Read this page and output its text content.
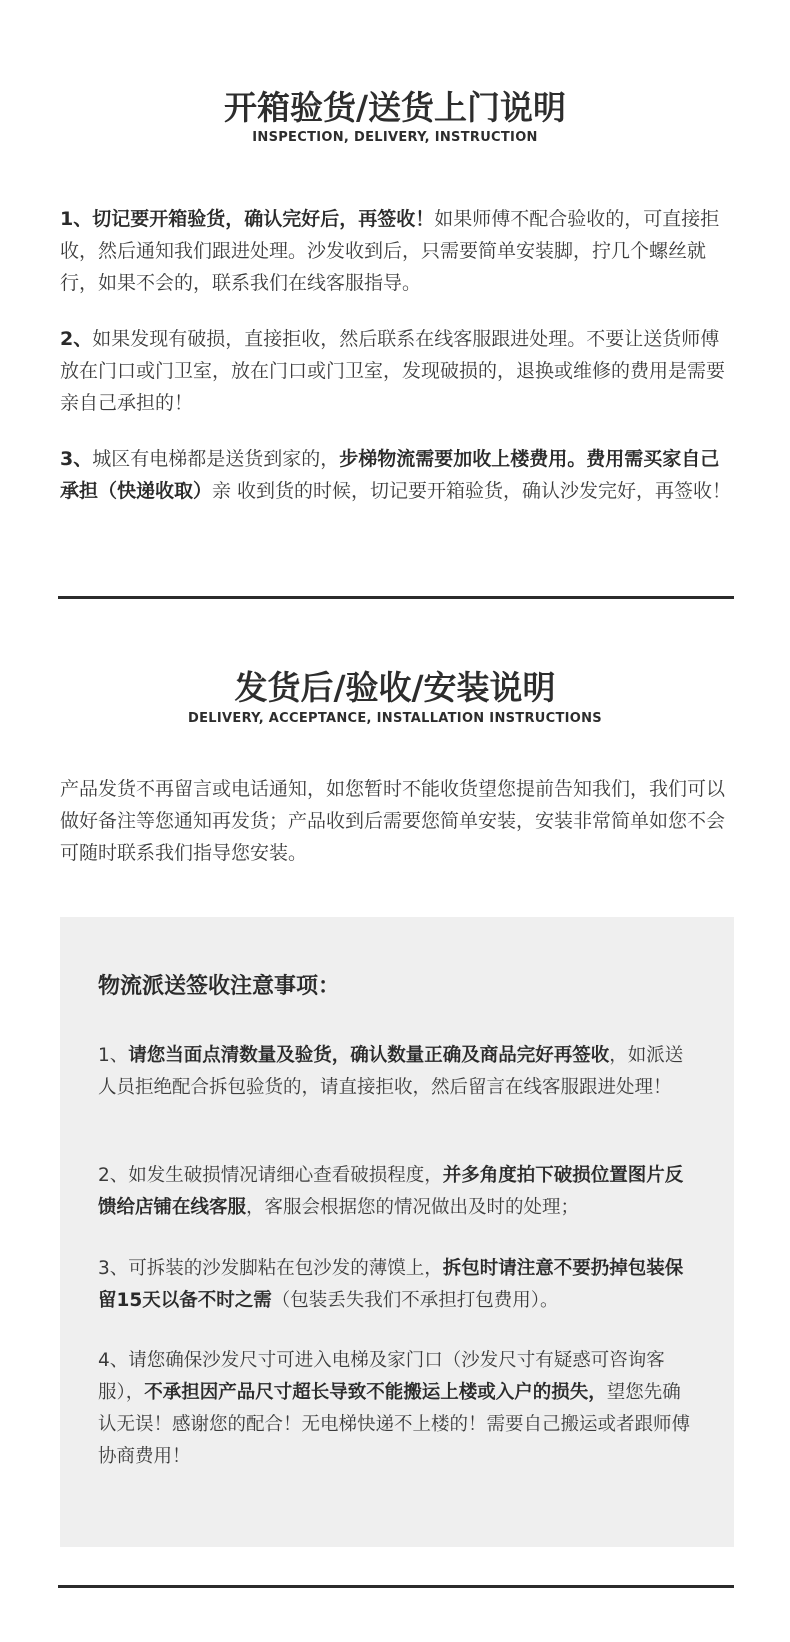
开箱验货/送货上门说明
INSPECTION, DELIVERY, INSTRUCTION
1、切记要开箱验货，确认完好后，再签收！如果师傅不配合验收的，可直接拒收，然后通知我们跟进处理。沙发收到后，只需要简单安装脚，拧几个螺丝就行，如果不会的，联系我们在线客服指导。
2、如果发现有破损，直接拒收，然后联系在线客服跟进处理。不要让送货师傅放在门口或门卫室，放在门口或门卫室，发现破损的，退换或维修的费用是需要亲自己承担的！
3、城区有电梯都是送货到家的，步梯物流需要加收上楼费用。费用需买家自己承担（快递收取）亲 收到货的时候，切记要开箱验货，确认沙发完好，再签收！
发货后/验收/安装说明
DELIVERY, ACCEPTANCE, INSTALLATION INSTRUCTIONS
产品发货不再留言或电话通知，如您暂时不能收货望您提前告知我们，我们可以做好备注等您通知再发货；产品收到后需要您简单安装，安装非常简单如您不会可随时联系我们指导您安装。
物流派送签收注意事项：
1、请您当面点清数量及验货，确认数量正确及商品完好再签收，如派送人员拒绝配合拆包验货的，请直接拒收，然后留言在线客服跟进处理！
2、如发生破损情况请细心查看破损程度，并多角度拍下破损位置图片反馈给店铺在线客服，客服会根据您的情况做出及时的处理；
3、可拆装的沙发脚粘在包沙发的薄馍上，拆包时请注意不要扔掉包装保留15天以备不时之需（包装丢失我们不承担打包费用）。
4、请您确保沙发尺寸可进入电梯及家门口（沙发尺寸有疑惑可咨询客服），不承担因产品尺寸超长导致不能搬运上楼或入户的损失，望您先确认无误！感谢您的配合！无电梯快递不上楼的！需要自己搬运或者跟师傅协商费用！
